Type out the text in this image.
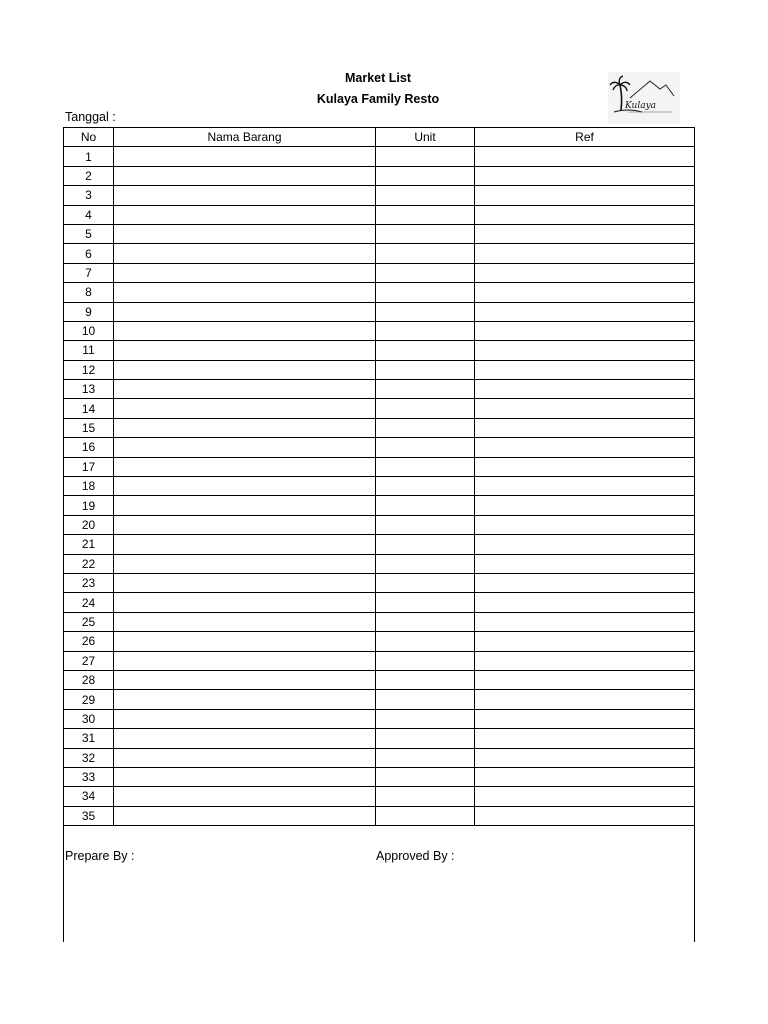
Market List
Kulaya Family Resto	Kulaya
Tanggal :
No	Nama Barang	Unit	Ref
1			
2			
3			
4			
5			
6			
7			
8			
9			
10			
11			
12			
13			
14			
15			
16			
17			
18			
19			
20			
21			
22			
23			
24			
25			
26			
27			
28			
29			
30			
31			
32			
33			
34			
35			
Prepare By :	Approved By :
